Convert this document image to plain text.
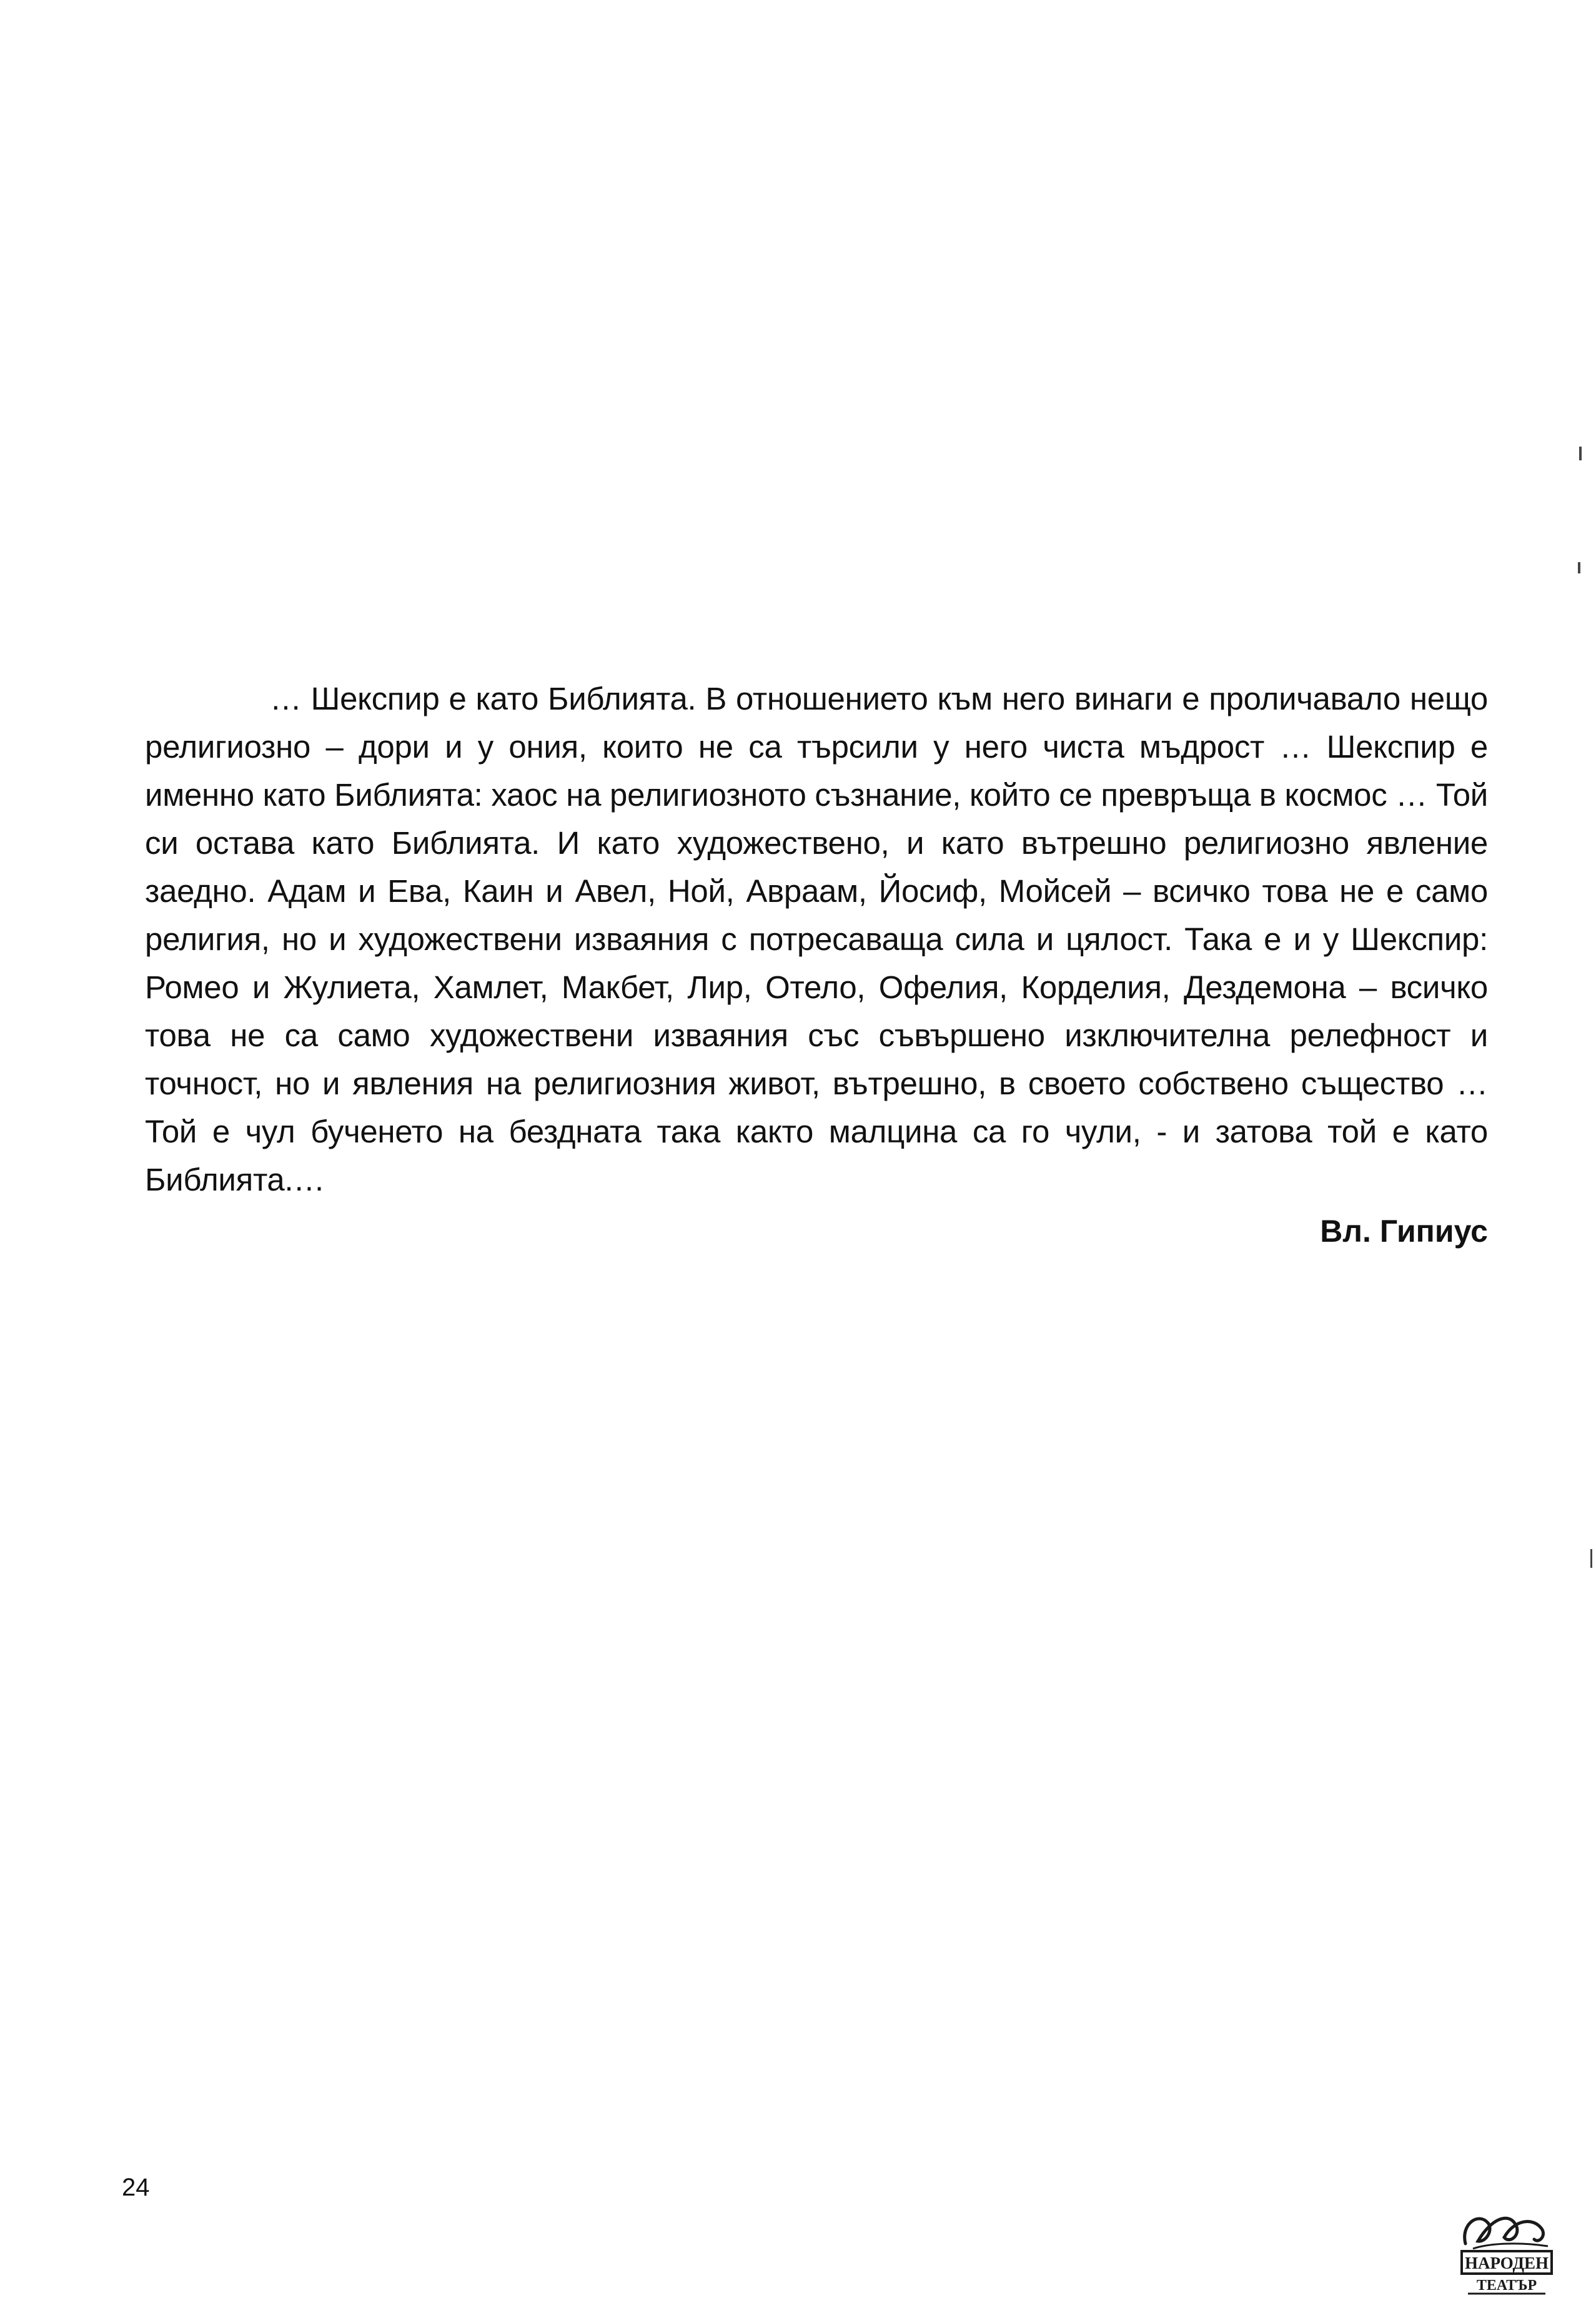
… Шекспир е като Библията. В отношението към него винаги е проличавало нещо религиозно – дори и у ония, които не са търсили у него чиста мъдрост … Шекспир е именно като Библията: хаос на религиозното съзнание, който се превръща в космос … Той си остава като Библията. И като художествено, и като вътрешно религиозно явление заедно. Адам и Ева, Каин и Авел, Ной, Авраам, Йосиф, Мойсей – всичко това не е само религия, но и художествени изваяния с потресаваща сила и цялост. Така е и у Шекспир: Ромео и Жулиета, Хамлет, Макбет, Лир, Отело, Офелия, Корделия, Дездемона – всичко това не са само художествени изваяния със съвършено изключителна релефност и точност, но и явления на религиозния живот, вътрешно, в своето собствено същество … Той е чул бученето на бездната така както малцина са го чули, - и затова той е като Библията.…

Вл. Гипиус
24
НАРОДЕН
ТЕАТЪР
